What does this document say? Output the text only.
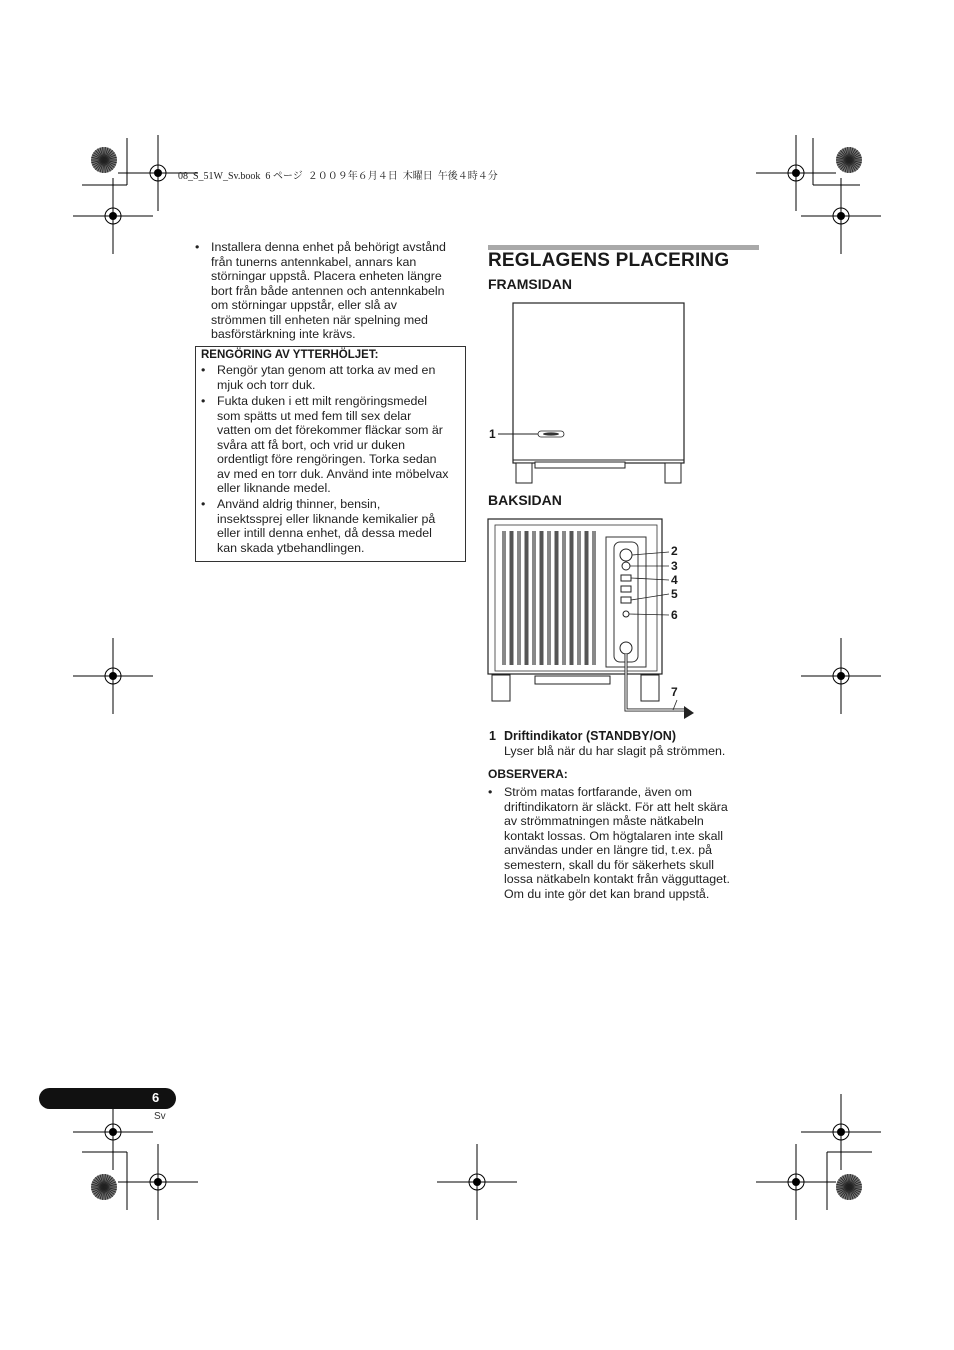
08_S_51W_Sv.book  6 ページ  ２００９年６月４日  木曜日  午後４時４分
• Installera denna enhet på behörigt avstånd
från tunerns antennkabel, annars kan
störningar uppstå. Placera enheten längre
bort från både antennen och antennkabeln
om störningar uppstår, eller slå av
strömmen till enheten när spelning med
basförstärkning inte krävs.
RENGÖRING AV YTTERHÖLJET:
• Rengör ytan genom att torka av med en
mjuk och torr duk.
• Fukta duken i ett milt rengöringsmedel
som spätts ut med fem till sex delar
vatten om det förekommer fläckar som är
svåra att få bort, och vrid ur duken
ordentligt före rengöringen. Torka sedan
av med en torr duk. Använd inte möbelvax
eller liknande medel.
• Använd aldrig thinner, bensin,
insektssprej eller liknande kemikalier på
eller intill denna enhet, då dessa medel
kan skada ytbehandlingen.
REGLAGENS PLACERING
FRAMSIDAN
1
BAKSIDAN
2
3
4
5
6
7
1 Driftindikator (STANDBY/ON)
Lyser blå när du har slagit på strömmen.
OBSERVERA:
• Ström matas fortfarande, även om
driftindikatorn är släckt. För att helt skära
av strömmatningen måste nätkabeln
kontakt lossas. Om högtalaren inte skall
användas under en längre tid, t.ex. på
semestern, skall du för säkerhets skull
lossa nätkabeln kontakt från vägguttaget.
Om du inte gör det kan brand uppstå.
6
Sv
